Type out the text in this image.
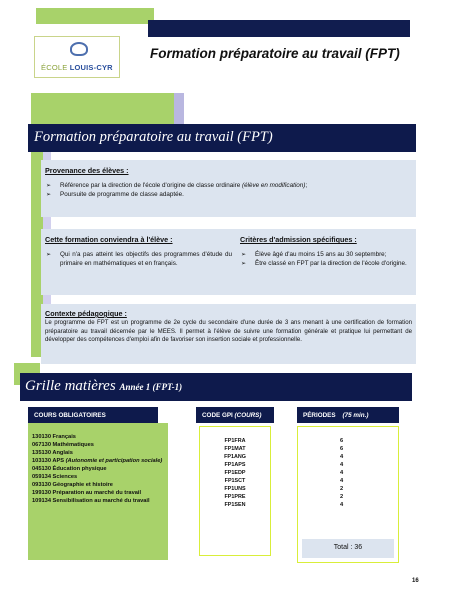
ÉCOLE LOUIS-CYR
Formation préparatoire au travail (FPT)
Formation préparatoire au travail (FPT)
Provenance des élèves :
➢ Référence par la direction de l'école d'origine de classe ordinaire (élève en modification);
➢ Poursuite de programme de classe adaptée.
Cette formation conviendra à l'élève :
➢ Qui n'a pas atteint les objectifs des programmes d'étude du primaire en mathématiques et en français.
Critères d'admission spécifiques :
➢ Élève âgé d'au moins 15 ans au 30 septembre;
➢ Être classé en FPT par la direction de l'école d'origine.
Contexte pédagogique :

Le programme de FPT est un programme de 2e cycle du secondaire d'une durée de 3 ans menant à une certification de formation préparatoire au travail décernée par le MEES. Il permet à l'élève de suivre une formation générale et pratique lui permettant de développer des compétences d'emploi afin de favoriser son insertion sociale et professionnelle.

Grille matières Année 1 (FPT-1)
COURS OBLIGATOIRES	CODE GPI (COURS)	PÉRIODES (75 min.)
130130 Français
067130 Mathématiques
135130 Anglais
103130 APS (Autonomie et participation sociale)
045130 Éducation physique
059134 Sciences
093130 Géographie et histoire
199130 Préparation au marché du travail
109134 Sensibilisation au marché du travail
FP1FRA
FP1MAT
FP1ANG
FP1APS
FP1EDP
FP1SCT
FP1UNS
FP1PRE
FP1SEN
6
6
4
4
4
4
2
2
4
Total : 36
16
